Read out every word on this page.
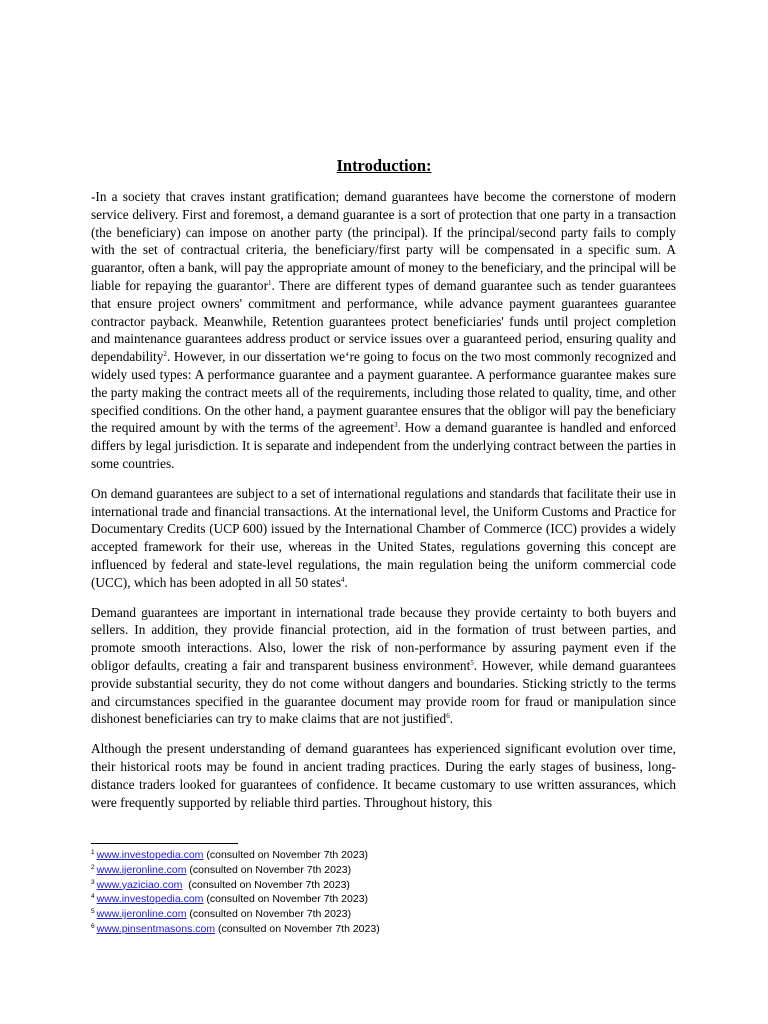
Introduction:

-In a society that craves instant gratification; demand guarantees have become the cornerstone of modern service delivery. First and foremost, a demand guarantee is a sort of protection that one party in a transaction (the beneficiary) can impose on another party (the principal). If the principal/second party fails to comply with the set of contractual criteria, the beneficiary/first party will be compensated in a specific sum. A guarantor, often a bank, will pay the appropriate amount of money to the beneficiary, and the principal will be liable for repaying the guarantor$^1$. There are different types of demand guarantee such as tender guarantees that ensure project owners' commitment and performance, while advance payment guarantees guarantee contractor payback. Meanwhile, Retention guarantees protect beneficiaries' funds until project completion and maintenance guarantees address product or service issues over a guaranteed period, ensuring quality and dependability$^2$. However, in our dissertation we‘re going to focus on the two most commonly recognized and widely used types: A performance guarantee and a payment guarantee. A performance guarantee makes sure the party making the contract meets all of the requirements, including those related to quality, time, and other specified conditions. On the other hand, a payment guarantee ensures that the obligor will pay the beneficiary the required amount by with the terms of the agreement$^3$. How a demand guarantee is handled and enforced differs by legal jurisdiction. It is separate and independent from the underlying contract between the parties in some countries.

On demand guarantees are subject to a set of international regulations and standards that facilitate their use in international trade and financial transactions. At the international level, the Uniform Customs and Practice for Documentary Credits (UCP 600) issued by the International Chamber of Commerce (ICC) provides a widely accepted framework for their use, whereas in the United States, regulations governing this concept are influenced by federal and state-level regulations, the main regulation being the uniform commercial code (UCC), which has been adopted in all 50 states$^4$.

Demand guarantees are important in international trade because they provide certainty to both buyers and sellers. In addition, they provide financial protection, aid in the formation of trust between parties, and promote smooth interactions. Also, lower the risk of non-performance by assuring payment even if the obligor defaults, creating a fair and transparent business environment$^5$. However, while demand guarantees provide substantial security, they do not come without dangers and boundaries. Sticking strictly to the terms and circumstances specified in the guarantee document may provide room for fraud or manipulation since dishonest beneficiaries can try to make claims that are not justified$^6$.

Although the present understanding of demand guarantees has experienced significant evolution over time, their historical roots may be found in ancient trading practices. During the early stages of business, long-distance traders looked for guarantees of confidence. It became customary to use written assurances, which were frequently supported by reliable third parties. Throughout history, this

$^1$ www.investopedia.com (consulted on November 7th 2023)
$^2$ www.ijeronline.com (consulted on November 7th 2023)
$^3$ www.yaziciao.com  (consulted on November 7th 2023)
$^4$ www.investopedia.com (consulted on November 7th 2023)
$^5$ www.ijeronline.com (consulted on November 7th 2023)
$^6$ www.pinsentmasons.com (consulted on November 7th 2023)
